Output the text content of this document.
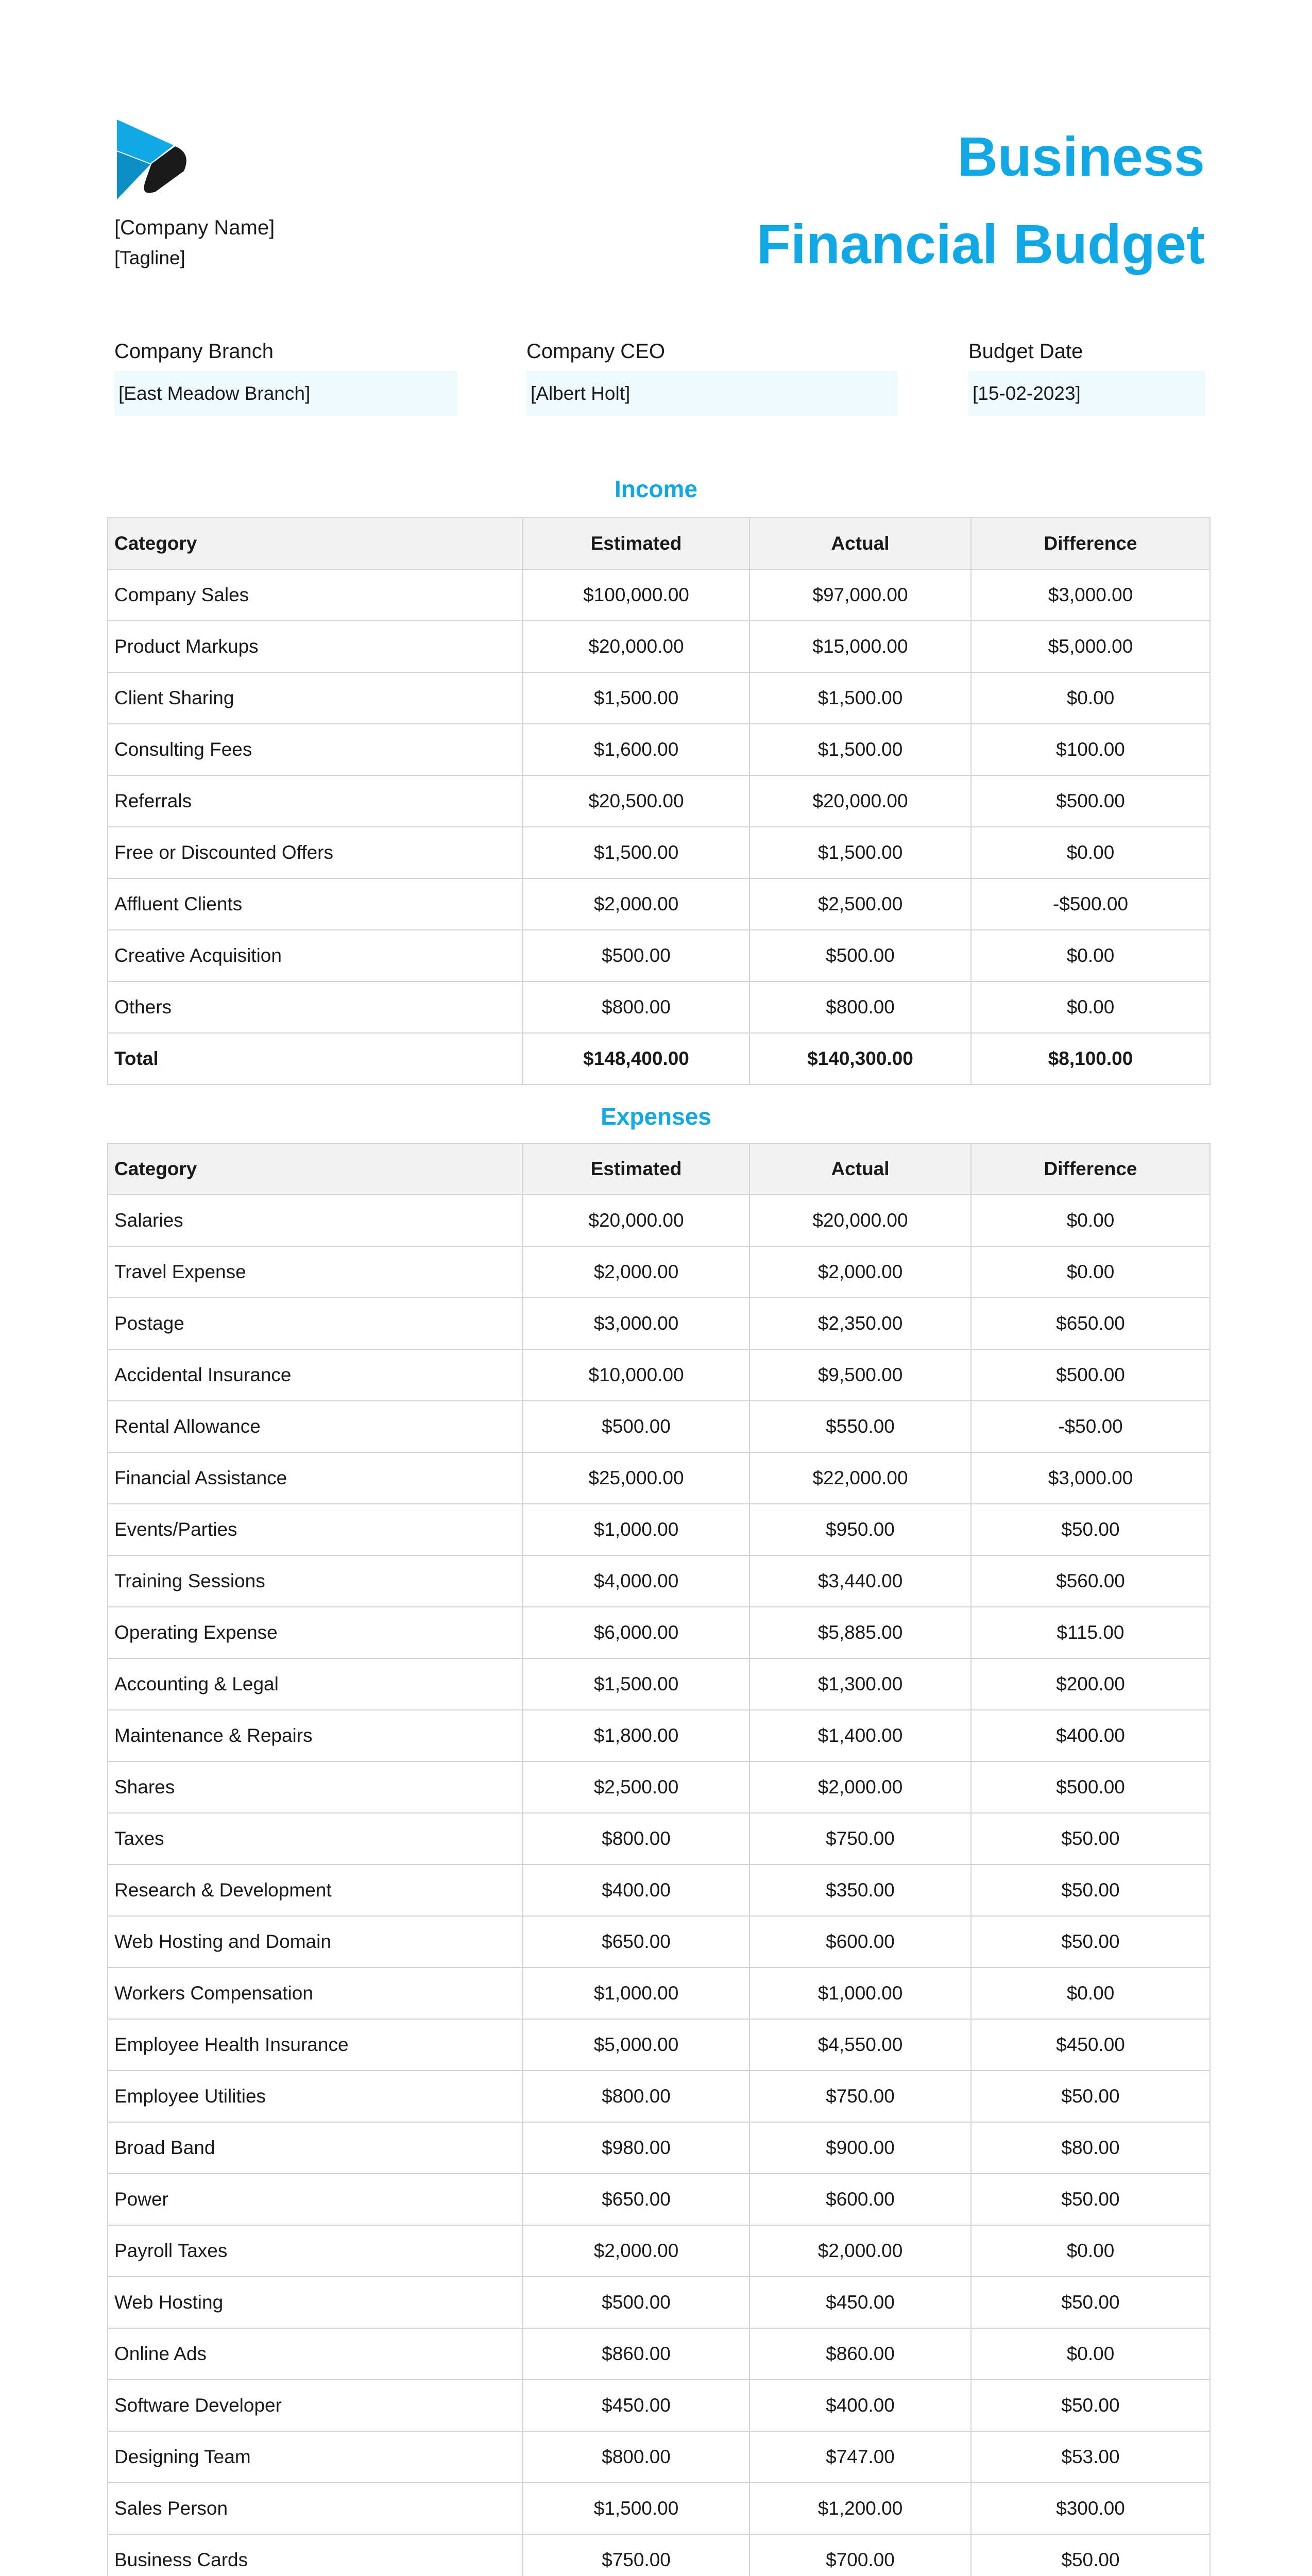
[Company Name]
[Tagline]
Business
Financial Budget
Company Branch
[East Meadow Branch]
Company CEO
[Albert Holt]
Budget Date
[15-02-2023]
Income
Category	Estimated	Actual	Difference
Company Sales	$100,000.00	$97,000.00	$3,000.00
Product Markups	$20,000.00	$15,000.00	$5,000.00
Client Sharing	$1,500.00	$1,500.00	$0.00
Consulting Fees	$1,600.00	$1,500.00	$100.00
Referrals	$20,500.00	$20,000.00	$500.00
Free or Discounted Offers	$1,500.00	$1,500.00	$0.00
Affluent Clients	$2,000.00	$2,500.00	-$500.00
Creative Acquisition	$500.00	$500.00	$0.00
Others	$800.00	$800.00	$0.00
Total	$148,400.00	$140,300.00	$8,100.00
Expenses
Category	Estimated	Actual	Difference
Salaries	$20,000.00	$20,000.00	$0.00
Travel Expense	$2,000.00	$2,000.00	$0.00
Postage	$3,000.00	$2,350.00	$650.00
Accidental Insurance	$10,000.00	$9,500.00	$500.00
Rental Allowance	$500.00	$550.00	-$50.00
Financial Assistance	$25,000.00	$22,000.00	$3,000.00
Events/Parties	$1,000.00	$950.00	$50.00
Training Sessions	$4,000.00	$3,440.00	$560.00
Operating Expense	$6,000.00	$5,885.00	$115.00
Accounting & Legal	$1,500.00	$1,300.00	$200.00
Maintenance & Repairs	$1,800.00	$1,400.00	$400.00
Shares	$2,500.00	$2,000.00	$500.00
Taxes	$800.00	$750.00	$50.00
Research & Development	$400.00	$350.00	$50.00
Web Hosting and Domain	$650.00	$600.00	$50.00
Workers Compensation	$1,000.00	$1,000.00	$0.00
Employee Health Insurance	$5,000.00	$4,550.00	$450.00
Employee Utilities	$800.00	$750.00	$50.00
Broad Band	$980.00	$900.00	$80.00
Power	$650.00	$600.00	$50.00
Payroll Taxes	$2,000.00	$2,000.00	$0.00
Web Hosting	$500.00	$450.00	$50.00
Online Ads	$860.00	$860.00	$0.00
Software Developer	$450.00	$400.00	$50.00
Designing Team	$800.00	$747.00	$53.00
Sales Person	$1,500.00	$1,200.00	$300.00
Business Cards	$750.00	$700.00	$50.00
